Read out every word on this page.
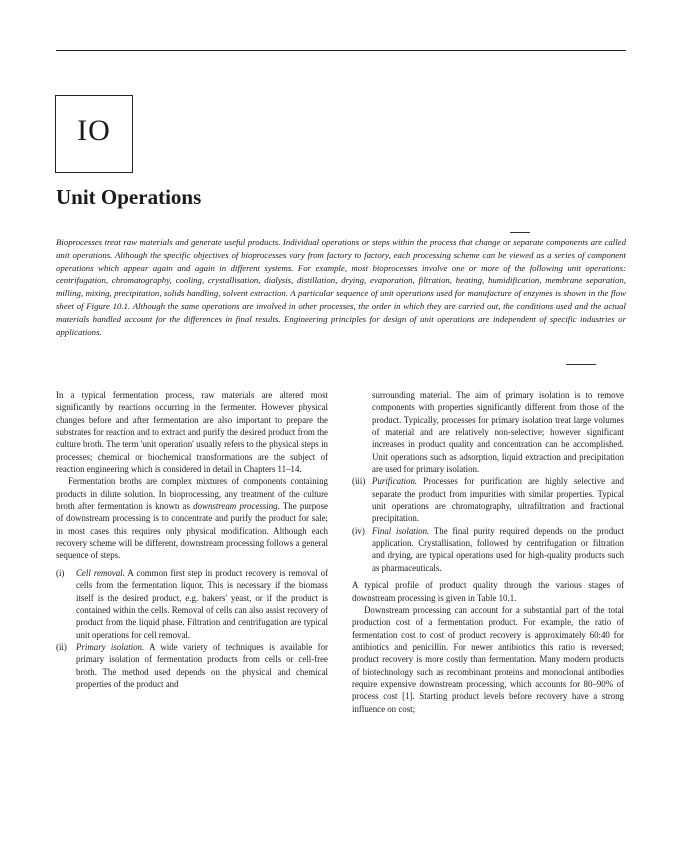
IO
Unit Operations
Bioprocesses treat raw materials and generate useful products. Individual operations or steps within the process that change or separate components are called unit operations. Although the specific objectives of bioprocesses vary from factory to factory, each processing scheme can be viewed as a series of component operations which appear again and again in different systems. For example, most bioprocesses involve one or more of the following unit operations: centrifugation, chromatography, cooling, crystallisation, dialysis, distillation, drying, evaporation, filtration, heating, humidification, membrane separation, milling, mixing, precipitation, solids handling, solvent extraction. A particular sequence of unit operations used for manufacture of enzymes is shown in the flow sheet of Figure 10.1. Although the same operations are involved in other processes, the order in which they are carried out, the conditions used and the actual materials handled account for the differences in final results. Engineering principles for design of unit operations are independent of specific industries or applications.

In a typical fermentation process, raw materials are altered most significantly by reactions occurring in the fermenter. However physical changes before and after fermentation are also important to prepare the substrates for reaction and to extract and purify the desired product from the culture broth. The term 'unit operation' usually refers to the physical steps in processes; chemical or biochemical transformations are the subject of reaction engineering which is considered in detail in Chapters 11–14.

Fermentation broths are complex mixtures of components containing products in dilute solution. In bioprocessing, any treatment of the culture broth after fermentation is known as downstream processing. The purpose of downstream processing is to concentrate and purify the product for sale; in most cases this requires only physical modification. Although each recovery scheme will be different, downstream processing follows a general sequence of steps.

(i) Cell removal. A common first step in product recovery is removal of cells from the fermentation liquor. This is necessary if the biomass itself is the desired product, e.g. bakers' yeast, or if the product is contained within the cells. Removal of cells can also assist recovery of product from the liquid phase. Filtration and centrifugation are typical unit operations for cell removal.

(ii) Primary isolation. A wide variety of techniques is available for primary isolation of fermentation products from cells or cell-free broth. The method used depends on the physical and chemical properties of the product and

surrounding material. The aim of primary isolation is to remove components with properties significantly different from those of the product. Typically, processes for primary isolation treat large volumes of material and are relatively non-selective; however significant increases in product quality and concentration can be accomplished. Unit operations such as adsorption, liquid extraction and precipitation are used for primary isolation.

(iii) Purification. Processes for purification are highly selective and separate the product from impurities with similar properties. Typical unit operations are chromatography, ultrafiltration and fractional precipitation.

(iv) Final isolation. The final purity required depends on the product application. Crystallisation, followed by centrifugation or filtration and drying, are typical operations used for high-quality products such as pharmaceuticals.

A typical profile of product quality through the various stages of downstream processing is given in Table 10.1.

Downstream processing can account for a substantial part of the total production cost of a fermentation product. For example, the ratio of fermentation cost to cost of product recovery is approximately 60:40 for antibiotics and penicillin. For newer antibiotics this ratio is reversed; product recovery is more costly than fermentation. Many modern products of biotechnology such as recombinant proteins and monoclonal antibodies require expensive downstream processing, which accounts for 80–90% of process cost [1]. Starting product levels before recovery have a strong influence on cost;
